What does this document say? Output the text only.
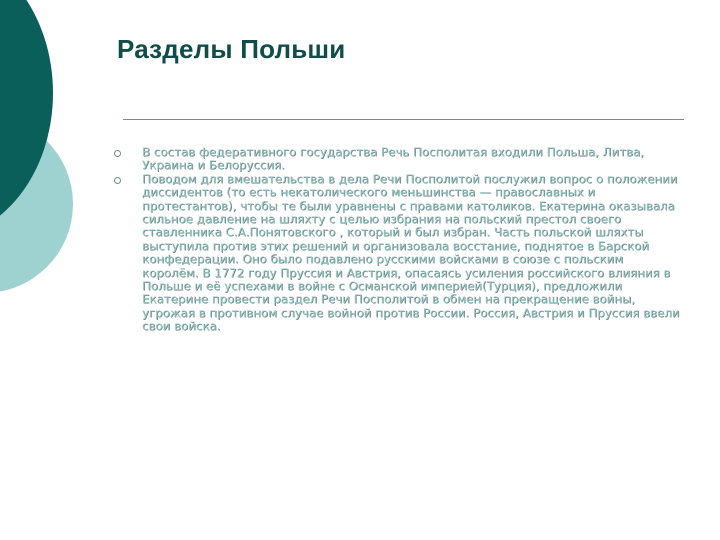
Разделы Польши
В состав федеративного государства Речь Посполитая входили Польша, Литва, Украина и Белоруссия.
Поводом для вмешательства в дела Речи Посполитой послужил вопрос о положении диссидентов (то есть некатолического меньшинства — православных и протестантов), чтобы те были уравнены с правами католиков. Екатерина оказывала сильное давление на шляхту с целью избрания на польский престол своего ставленника С.А.Понятовского , который и был избран. Часть польской шляхты выступила против этих решений и организовала восстание, поднятое в Барской конфедерации. Оно было подавлено русскими войсками в союзе с польским королём. В 1772 году Пруссия и Австрия, опасаясь усиления российского влияния в Польше и её успехами в войне с Османской империей(Турция), предложили Екатерине провести раздел Речи Посполитой в обмен на прекращение войны, угрожая в противном случае войной против России. Россия, Австрия и Пруссия ввели свои войска.
